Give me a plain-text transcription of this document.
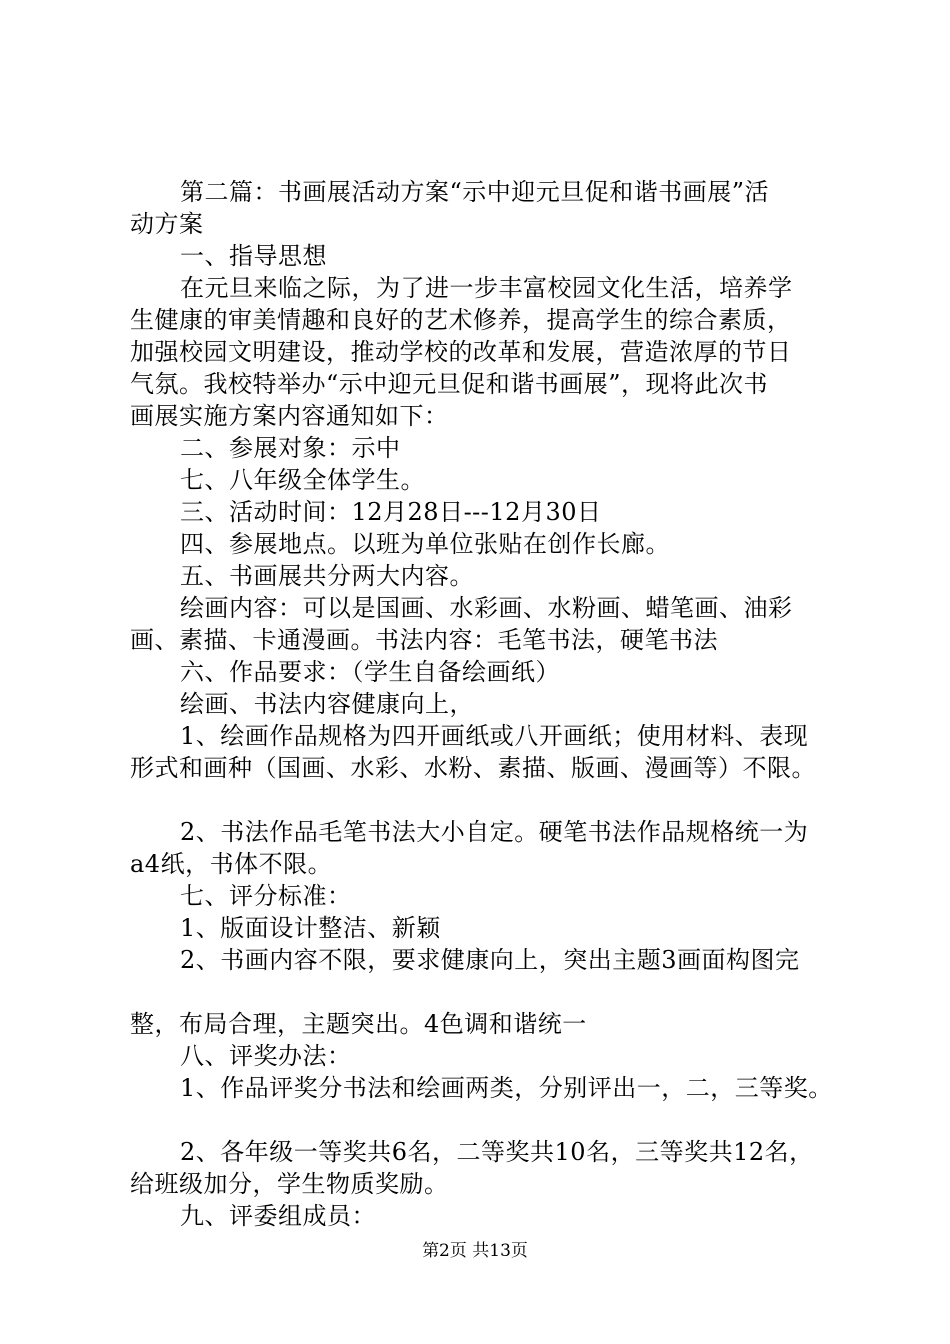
第二篇：书画展活动方案“示中迎元旦促和谐书画展”活
动方案
一、指导思想
在元旦来临之际，为了进一步丰富校园文化生活，培养学
生健康的审美情趣和良好的艺术修养，提高学生的综合素质，
加强校园文明建设，推动学校的改革和发展，营造浓厚的节日
气氛。我校特举办“示中迎元旦促和谐书画展”，现将此次书
画展实施方案内容通知如下：
二、参展对象：示中
七、八年级全体学生。
三、活动时间：12月28日---12月30日
四、参展地点。以班为单位张贴在创作长廊。
五、书画展共分两大内容。
绘画内容：可以是国画、水彩画、水粉画、蜡笔画、油彩
画、素描、卡通漫画。书法内容：毛笔书法，硬笔书法
六、作品要求：（学生自备绘画纸）
绘画、书法内容健康向上，
1、绘画作品规格为四开画纸或八开画纸；使用材料、表现
形式和画种（国画、水彩、水粉、素描、版画、漫画等）不限。
2、书法作品毛笔书法大小自定。硬笔书法作品规格统一为
a4纸，书体不限。
七、评分标准：
1、版面设计整洁、新颖
2、书画内容不限，要求健康向上，突出主题3画面构图完
整，布局合理，主题突出。4色调和谐统一
八、评奖办法：
1、作品评奖分书法和绘画两类，分别评出一，二，三等奖。
2、各年级一等奖共6名，二等奖共10名，三等奖共12名，
给班级加分，学生物质奖励。
九、评委组成员：
第2页 共13页
